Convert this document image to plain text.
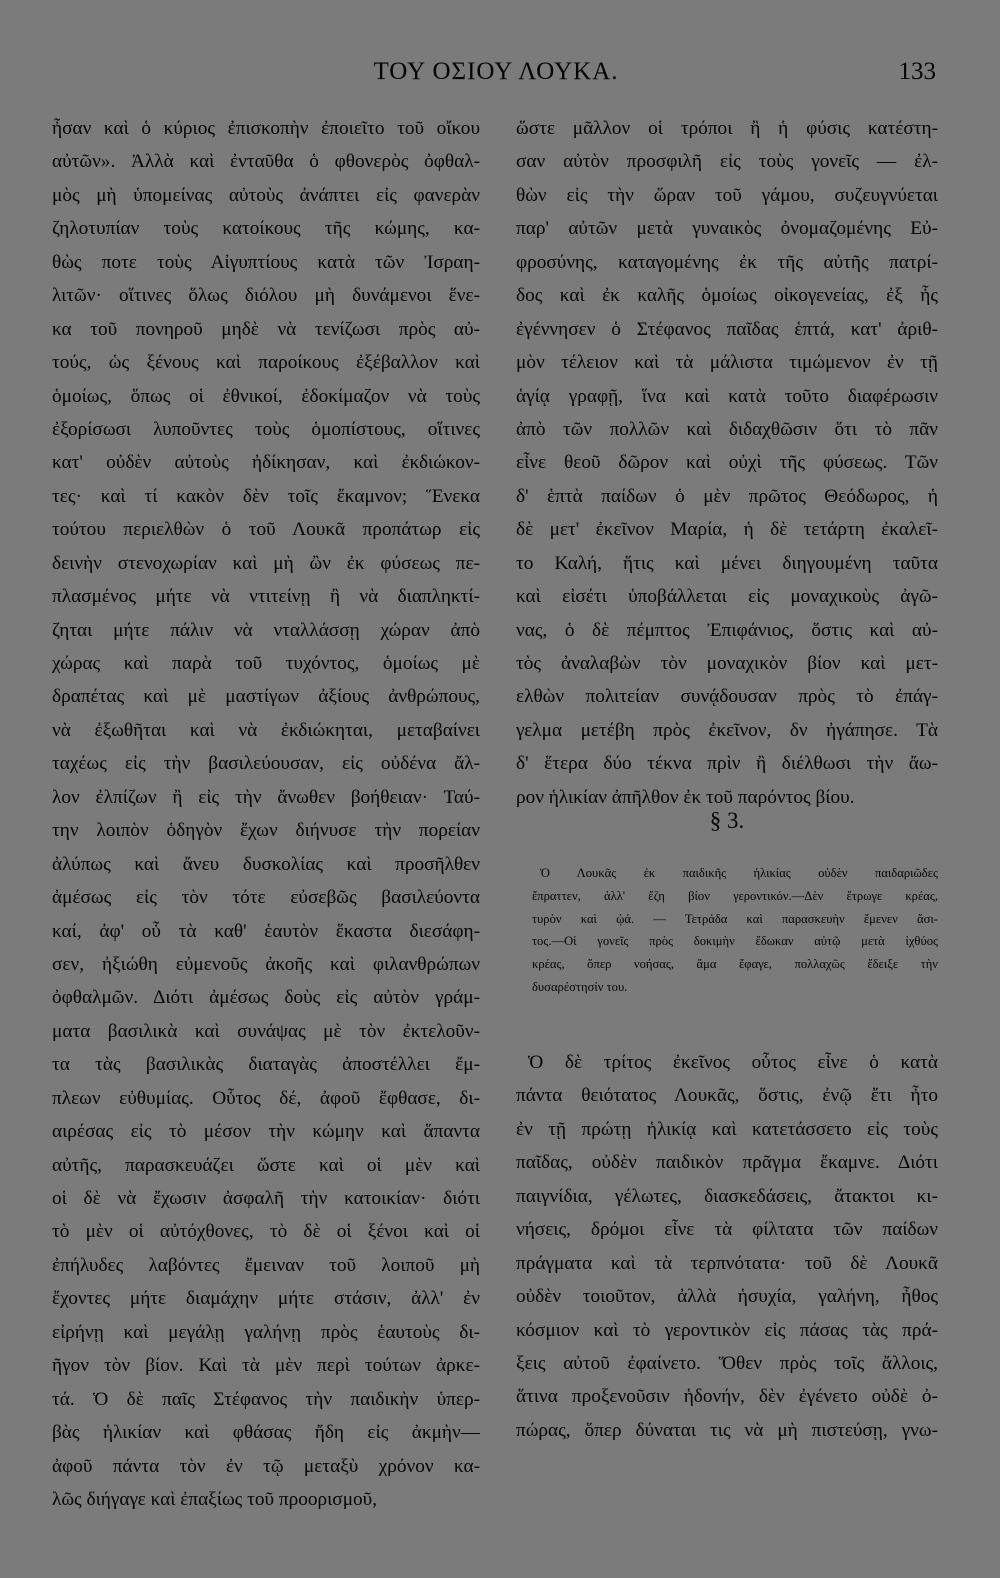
ΤΟΥ ΟΣΙΟΥ ΛΟΥΚΑ.	133
ἦσαν καὶ ὁ κύριος ἐπισκοπὴν ἐποιεῖτο τοῦ οἴκου
αὐτῶν». Ἀλλὰ καὶ ἐνταῦθα ὁ φθονερὸς ὀφθαλ-
μὸς μὴ ὑπομείνας αὐτοὺς ἀνάπτει εἰς φανερὰν
ζηλοτυπίαν τοὺς κατοίκους τῆς κώμης, κα-
θὼς ποτε τοὺς Αἰγυπτίους κατὰ τῶν Ἰσραη-
λιτῶν· οἵτινες ὅλως διόλου μὴ δυνάμενοι ἕνε-
κα τοῦ πονηροῦ μηδὲ νὰ τενίζωσι πρὸς αὐ-
τούς, ὡς ξένους καὶ παροίκους ἐξέβαλλον καὶ
ὁμοίως, ὅπως οἱ ἐθνικοί, ἐδοκίμαζον νὰ τοὺς
ἐξορίσωσι λυποῦντες τοὺς ὁμοπίστους, οἵτινες
κατ' οὐδὲν αὐτοὺς ἠδίκησαν, καὶ ἐκδιώκον-
τες· καὶ τί κακὸν δὲν τοῖς ἔκαμνον; Ἕνεκα
τούτου περιελθὼν ὁ τοῦ Λουκᾶ προπάτωρ εἰς
δεινὴν στενοχωρίαν καὶ μὴ ὢν ἐκ φύσεως πε-
πλασμένος μήτε νὰ ντιτείνῃ ἢ νὰ διαπληκτί-
ζηται μήτε πάλιν νὰ νταλλάσσῃ χώραν ἀπὸ
χώρας καὶ παρὰ τοῦ τυχόντος, ὁμοίως μὲ
δραπέτας καὶ μὲ μαστίγων ἀξίους ἀνθρώπους,
νὰ ἐξωθῆται καὶ νὰ ἐκδιώκηται, μεταβαίνει
ταχέως εἰς τὴν βασιλεύουσαν, εἰς οὐδένα ἄλ-
λον ἐλπίζων ἢ εἰς τὴν ἄνωθεν βοήθειαν· Ταύ-
την λοιπὸν ὁδηγὸν ἔχων διήνυσε τὴν πορείαν
ἀλύπως καὶ ἄνευ δυσκολίας καὶ προσῆλθεν
ἀμέσως εἰς τὸν τότε εὐσεβῶς βασιλεύοντα
καί, ἀφ' οὗ τὰ καθ' ἑαυτὸν ἕκαστα διεσάφη-
σεν, ἠξιώθη εὐμενοῦς ἀκοῆς καὶ φιλανθρώπων
ὀφθαλμῶν. Διότι ἀμέσως δοὺς εἰς αὐτὸν γράμ-
ματα βασιλικὰ καὶ συνάψας μὲ τὸν ἐκτελοῦν-
τα τὰς βασιλικὰς διαταγὰς ἀποστέλλει ἔμ-
πλεων εὐθυμίας. Οὗτος δέ, ἀφοῦ ἔφθασε, δι-
αιρέσας εἰς τὸ μέσον τὴν κώμην καὶ ἅπαντα
αὐτῆς, παρασκευάζει ὥστε καὶ οἱ μὲν καὶ
οἱ δὲ νὰ ἔχωσιν ἀσφαλῆ τὴν κατοικίαν· διότι
τὸ μὲν οἱ αὐτόχθονες, τὸ δὲ οἱ ξένοι καὶ οἱ
ἐπήλυδες λαβόντες ἔμειναν τοῦ λοιποῦ μὴ
ἔχοντες μήτε διαμάχην μήτε στάσιν, ἀλλ' ἐν
εἰρήνῃ καὶ μεγάλῃ γαλήνῃ πρὸς ἑαυτοὺς δι-
ῆγον τὸν βίον. Καὶ τὰ μὲν περὶ τούτων ἀρκε-
τά. Ὁ δὲ παῖς Στέφανος τὴν παιδικὴν ὑπερ-
βὰς ἡλικίαν καὶ φθάσας ἤδη εἰς ἀκμὴν—
ἀφοῦ πάντα τὸν ἐν τῷ μεταξὺ χρόνον κα-
λῶς διήγαγε καὶ ἐπαξίως τοῦ προορισμοῦ,
ὥστε μᾶλλον οἱ τρόποι ἢ ἡ φύσις κατέστη-
σαν αὐτὸν προσφιλῆ εἰς τοὺς γονεῖς — ἐλ-
θὼν εἰς τὴν ὥραν τοῦ γάμου, συζευγνύεται
παρ' αὐτῶν μετὰ γυναικὸς ὀνομαζομένης Εὐ-
φροσύνης, καταγομένης ἐκ τῆς αὐτῆς πατρί-
δος καὶ ἐκ καλῆς ὁμοίως οἰκογενείας, ἐξ ἧς
ἐγέννησεν ὁ Στέφανος παῖδας ἑπτά, κατ' ἀριθ-
μὸν τέλειον καὶ τὰ μάλιστα τιμώμενον ἐν τῇ
ἁγίᾳ γραφῇ, ἵνα καὶ κατὰ τοῦτο διαφέρωσιν
ἀπὸ τῶν πολλῶν καὶ διδαχθῶσιν ὅτι τὸ πᾶν
εἶνε θεοῦ δῶρον καὶ οὐχὶ τῆς φύσεως. Τῶν
δ' ἑπτὰ παίδων ὁ μὲν πρῶτος Θεόδωρος, ἡ
δὲ μετ' ἐκεῖνον Μαρία, ἡ δὲ τετάρτη ἐκαλεῖ-
το Καλή, ἥτις καὶ μένει διηγουμένη ταῦτα
καὶ εἰσέτι ὑποβάλλεται εἰς μοναχικοὺς ἀγῶ-
νας, ὁ δὲ πέμπτος Ἐπιφάνιος, ὅστις καὶ αὐ-
τὸς ἀναλαβὼν τὸν μοναχικὸν βίον καὶ μετ-
ελθὼν πολιτείαν συνᾴδουσαν πρὸς τὸ ἐπάγ-
γελμα μετέβη πρὸς ἐκεῖνον, δν ἠγάπησε. Τὰ
δ' ἕτερα δύο τέκνα πρὶν ἢ διέλθωσι τὴν ἄω-
ρον ἡλικίαν ἀπῆλθον ἐκ τοῦ παρόντος βίου.
§ 3.
Ὁ Λουκᾶς ἐκ παιδικῆς ἡλικίας οὐδὲν παιδαριῶδες
ἔπραττεν, ἀλλ' ἔζη βίον γεροντικόν.—Δὲν ἔτρωγε κρέας,
τυρὸν καὶ ᾠά. — Τετράδα καὶ παρασκευὴν ἔμενεν ἄσι-
τος.—Οἱ γονεῖς πρὸς δοκιμὴν ἔδωκαν αὐτῷ μετὰ ἰχθύος
κρέας, ὅπερ νοήσας, ἅμα ἔφαγε, πολλαχῶς ἔδειξε τὴν
δυσαρέστησίν του.
Ὁ δὲ τρίτος ἐκεῖνος οὗτος εἶνε ὁ κατὰ
πάντα θειότατος Λουκᾶς, ὅστις, ἐνῷ ἔτι ἦτο
ἐν τῇ πρώτῃ ἡλικίᾳ καὶ κατετάσσετο εἰς τοὺς
παῖδας, οὐδὲν παιδικὸν πρᾶγμα ἔκαμνε. Διότι
παιγνίδια, γέλωτες, διασκεδάσεις, ἄτακτοι κι-
νήσεις, δρόμοι εἶνε τὰ φίλτατα τῶν παίδων
πράγματα καὶ τὰ τερπνότατα· τοῦ δὲ Λουκᾶ
οὐδὲν τοιοῦτον, ἀλλὰ ἡσυχία, γαλήνη, ἦθος
κόσμιον καὶ τὸ γεροντικὸν εἰς πάσας τὰς πρά-
ξεις αὐτοῦ ἐφαίνετο. Ὅθεν πρὸς τοῖς ἄλλοις,
ἅτινα προξενοῦσιν ἡδονήν, δὲν ἐγένετο οὐδὲ ὀ-
πώρας, ὅπερ δύναται τις νὰ μὴ πιστεύσῃ, γνω-
